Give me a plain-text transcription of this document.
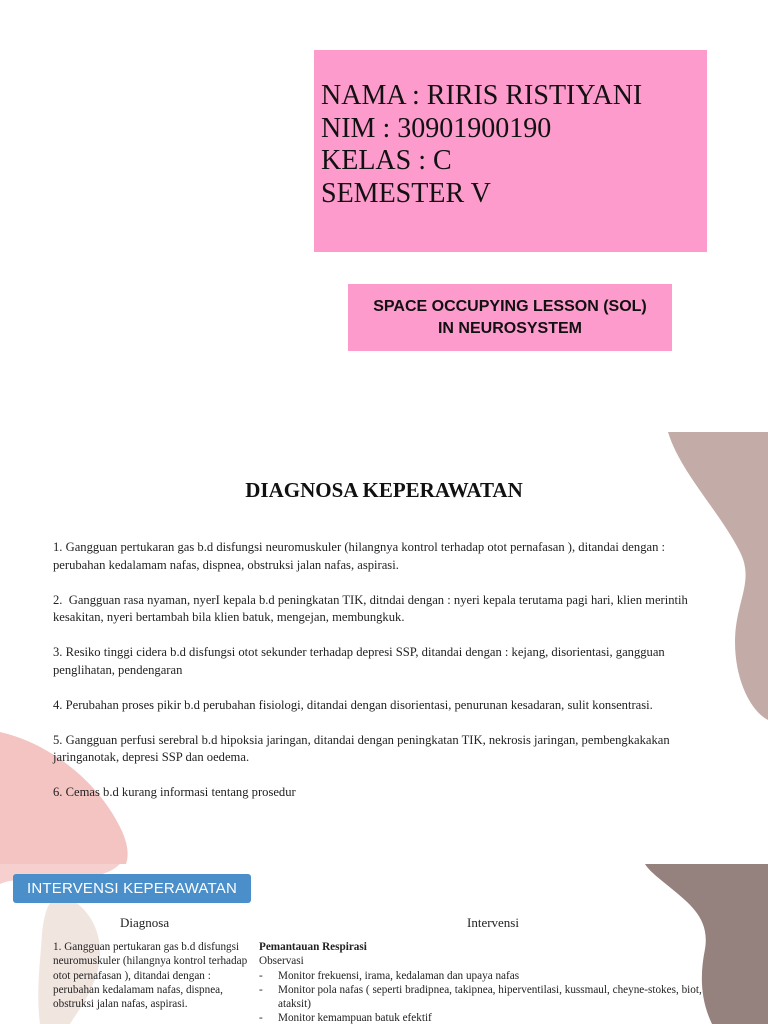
NAMA : RIRIS RISTIYANI
NIM : 30901900190
KELAS : C
SEMESTER V
SPACE OCCUPYING LESSON (SOL)
IN NEUROSYSTEM
DIAGNOSA KEPERAWATAN

1. Gangguan pertukaran gas b.d disfungsi neuromuskuler (hilangnya kontrol terhadap otot pernafasan ), ditandai dengan : perubahan kedalamam nafas, dispnea, obstruksi jalan nafas, aspirasi.

2.  Gangguan rasa nyaman, nyerI kepala b.d peningkatan TIK, ditndai dengan : nyeri kepala terutama pagi hari, klien merintih kesakitan, nyeri bertambah bila klien batuk, mengejan, membungkuk.

3. Resiko tinggi cidera b.d disfungsi otot sekunder terhadap depresi SSP, ditandai dengan : kejang, disorientasi, gangguan penglihatan, pendengaran

4. Perubahan proses pikir b.d perubahan fisiologi, ditandai dengan disorientasi, penurunan kesadaran, sulit konsentrasi.

5. Gangguan perfusi serebral b.d hipoksia jaringan, ditandai dengan peningkatan TIK, nekrosis jaringan, pembengkakakan jaringanotak, depresi SSP dan oedema.

6. Cemas b.d kurang informasi tentang prosedur

INTERVENSI KEPERAWATAN
Diagnosa	Intervensi
1. Gangguan pertukaran gas b.d disfungsi neuromuskuler (hilangnya kontrol terhadap otot pernafasan ), ditandai dengan : perubahan kedalamam nafas, dispnea, obstruksi jalan nafas, aspirasi.
Pemantauan Respirasi
Observasi
- Monitor frekuensi, irama, kedalaman dan upaya nafas
- Monitor pola nafas ( seperti bradipnea, takipnea, hiperventilasi, kussmaul, cheyne-stokes, biot, ataksit)
- Monitor kemampuan batuk efektif
